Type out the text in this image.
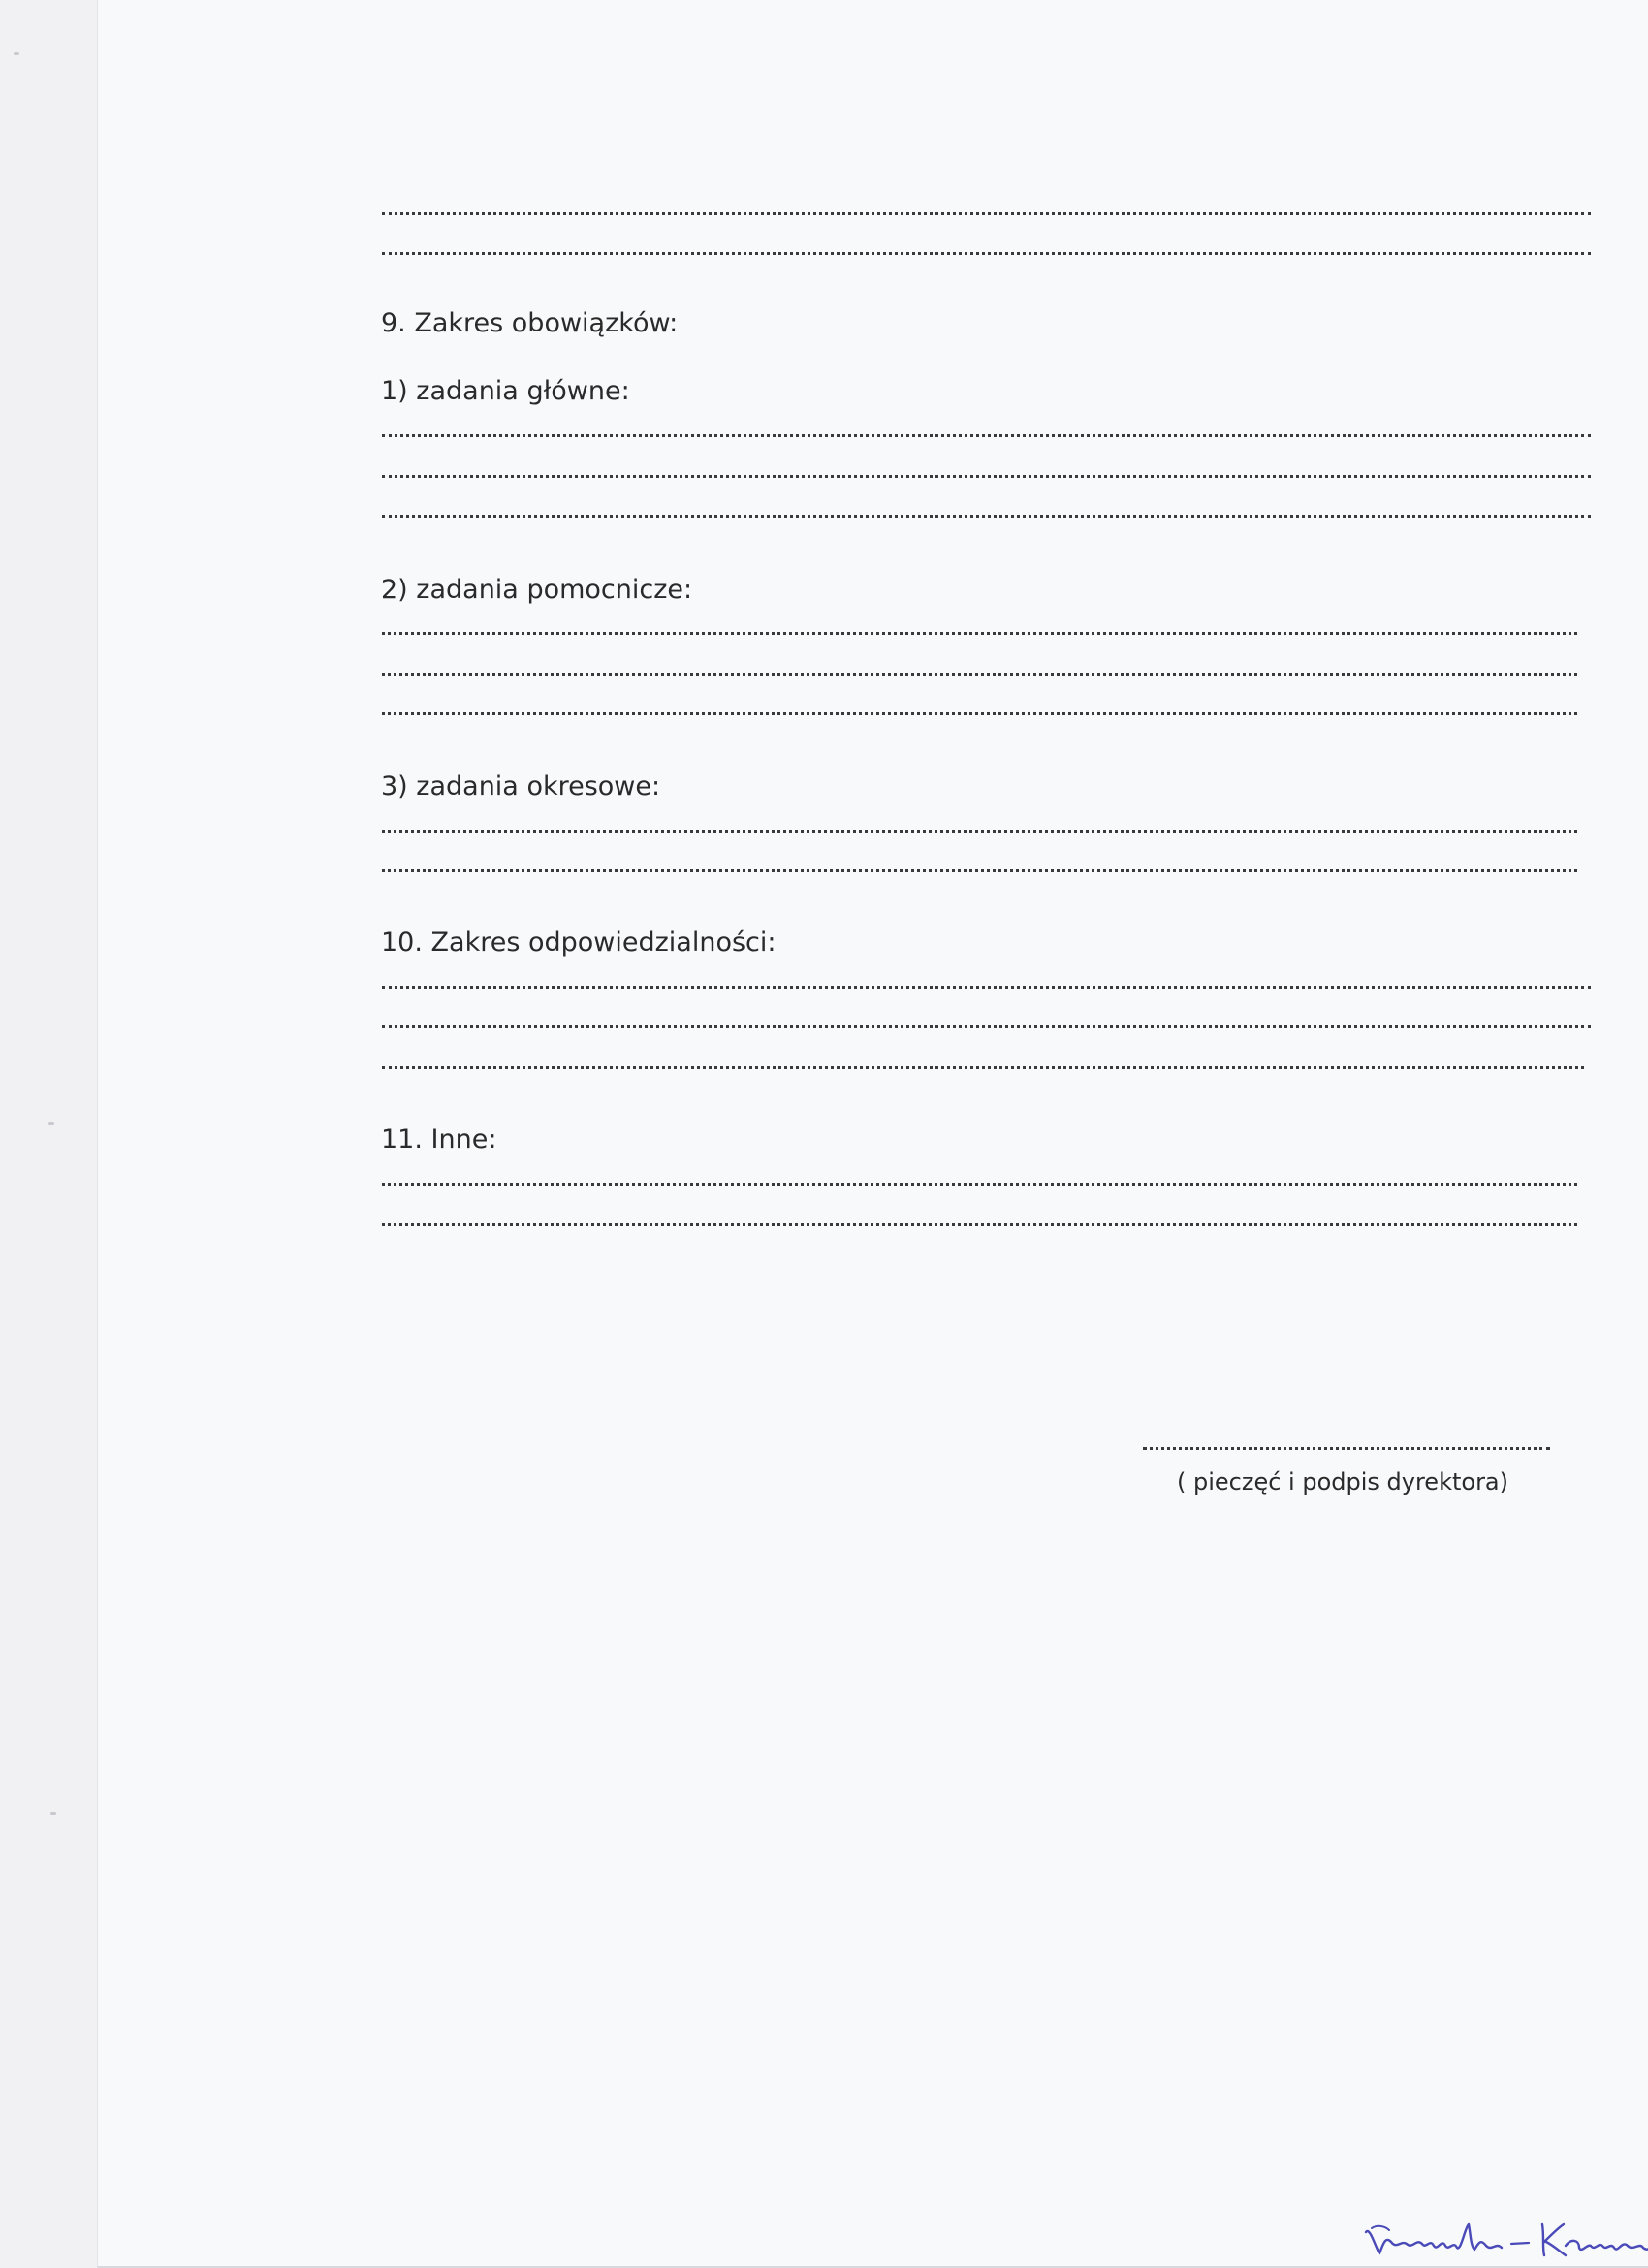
9. Zakres obowiązków:
1) zadania główne:
2) zadania pomocnicze:
3) zadania okresowe:
10. Zakres odpowiedzialności:
11. Inne:
( pieczęć i podpis dyrektora)
